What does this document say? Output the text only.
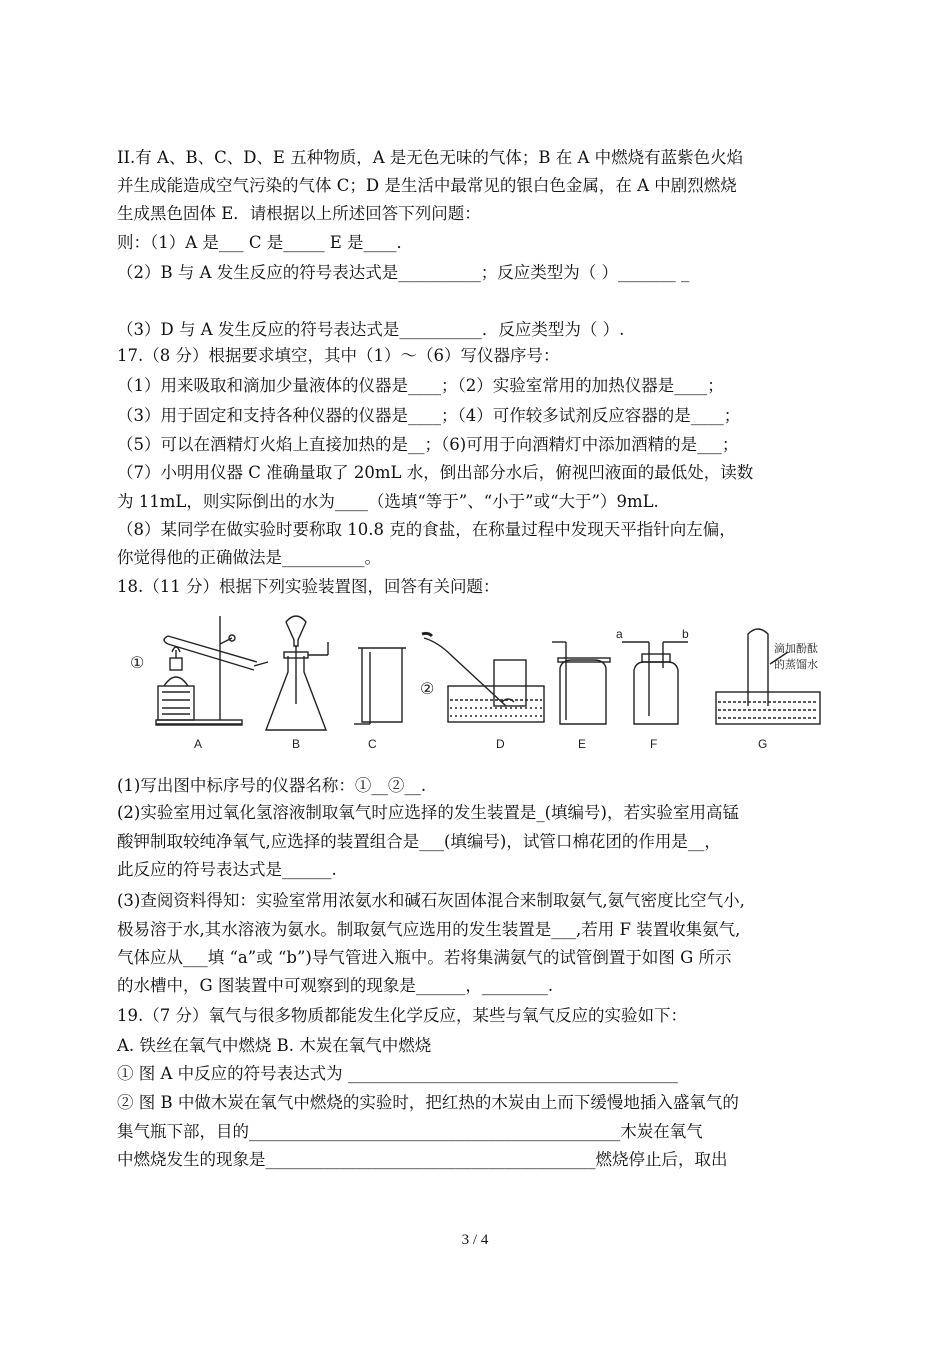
II.有 A、B、C、D、E 五种物质，A 是无色无味的气体；B 在 A 中燃烧有蓝紫色火焰
并生成能造成空气污染的气体 C；D 是生活中最常见的银白色金属，在 A 中剧烈燃烧
生成黑色固体 E．请根据以上所述回答下列问题：
则：（1）A 是___ C 是_____ E 是____．
（2）B 与 A 发生反应的符号表达式是__________；反应类型为（ ）_______ _
（3）D 与 A 发生反应的符号表达式是__________．反应类型为（ ）.
17.（8 分）根据要求填空，其中（1）～（6）写仪器序号：
（1）用来吸取和滴加少量液体的仪器是____；（2）实验室常用的加热仪器是____；
（3）用于固定和支持各种仪器的仪器是____；（4）可作较多试剂反应容器的是____；
（5）可以在酒精灯火焰上直接加热的是__；（6)可用于向酒精灯中添加酒精的是___；
（7）小明用仪器 C 准确量取了 20mL 水，倒出部分水后，俯视凹液面的最低处，读数
为 11mL，则实际倒出的水为____（选填“等于”、“小于”或“大于”）9mL.
（8）某同学在做实验时要称取 10.8 克的食盐，在称量过程中发现天平指针向左偏，
你觉得他的正确做法是__________。
18.（11 分）根据下列实验装置图，回答有关问题：
A	B	C	D	E	F	G
①
②
a	b
滴加酚酞
的蒸馏水
(1)写出图中标序号的仪器名称：①__②__.
(2)实验室用过氧化氢溶液制取氧气时应选择的发生装置是_(填编号)，若实验室用高锰
酸钾制取较纯净氧气,应选择的装置组合是___(填编号)，试管口棉花团的作用是__，
此反应的符号表达式是______.
(3)查阅资料得知：实验室常用浓氨水和碱石灰固体混合来制取氨气,氨气密度比空气小,
极易溶于水,其水溶液为氨水。制取氨气应选用的发生装置是___,若用 F 装置收集氨气,
气体应从___填 “a”或 “b”)导气管进入瓶中。若将集满氨气的试管倒置于如图 G 所示
的水槽中，G 图装置中可观察到的现象是______，________.
19.（7 分）氧气与很多物质都能发生化学反应，某些与氧气反应的实验如下：
A. 铁丝在氧气中燃烧 B. 木炭在氧气中燃烧
① 图 A 中反应的符号表达式为 ________________________________________
② 图 B 中做木炭在氧气中燃烧的实验时，把红热的木炭由上而下缓慢地插入盛氧气的
集气瓶下部，目的_____________________________________________木炭在氧气
中燃烧发生的现象是________________________________________燃烧停止后，取出
3 / 4
